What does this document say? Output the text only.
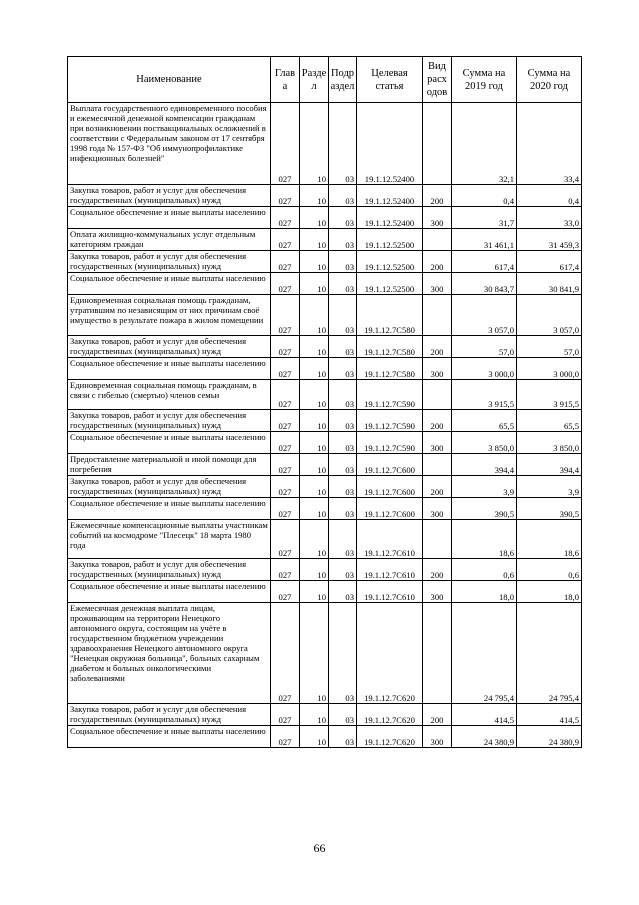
Наименование	Глав а	Разде л	Подр аздел	Целевая статья	Вид расх одов	Сумма на 2019 год	Сумма на 2020 год
Выплата государственного единовременного пособия и ежемесячной денежной компенсации гражданам при возникновении поствакцинальных осложнений в соответствии с Федеральным законом от 17 сентября 1998 года № 157-ФЗ "Об иммунопрофилактике инфекционных болезней"	027	10	03	19.1.12.52400		32,1	33,4
Закупка товаров, работ и услуг для обеспечения государственных (муниципальных) нужд	027	10	03	19.1.12.52400	200	0,4	0,4
Социальное обеспечение и иные выплаты населению	027	10	03	19.1.12.52400	300	31,7	33,0
Оплата жилищно-коммунальных услуг отдельным категориям граждан	027	10	03	19.1.12.52500		31 461,1	31 459,3
Закупка товаров, работ и услуг для обеспечения государственных (муниципальных) нужд	027	10	03	19.1.12.52500	200	617,4	617,4
Социальное обеспечение и иные выплаты населению	027	10	03	19.1.12.52500	300	30 843,7	30 841,9
Единовременная социальная помощь гражданам, утратившим по независящим от них причинам своё имущество в результате пожара в жилом помещении	027	10	03	19.1.12.7C580		3 057,0	3 057,0
Закупка товаров, работ и услуг для обеспечения государственных (муниципальных) нужд	027	10	03	19.1.12.7C580	200	57,0	57,0
Социальное обеспечение и иные выплаты населению	027	10	03	19.1.12.7C580	300	3 000,0	3 000,0
Единовременная социальная помощь гражданам, в связи с гибелью (смертью) членов семьи	027	10	03	19.1.12.7C590		3 915,5	3 915,5
Закупка товаров, работ и услуг для обеспечения государственных (муниципальных) нужд	027	10	03	19.1.12.7C590	200	65,5	65,5
Социальное обеспечение и иные выплаты населению	027	10	03	19.1.12.7C590	300	3 850,0	3 850,0
Предоставление материальной и иной помощи для погребения	027	10	03	19.1.12.7C600		394,4	394,4
Закупка товаров, работ и услуг для обеспечения государственных (муниципальных) нужд	027	10	03	19.1.12.7C600	200	3,9	3,9
Социальное обеспечение и иные выплаты населению	027	10	03	19.1.12.7C600	300	390,5	390,5
Ежемесячные компенсационные выплаты участникам событий на космодроме "Плесецк" 18 марта 1980 года	027	10	03	19.1.12.7C610		18,6	18,6
Закупка товаров, работ и услуг для обеспечения государственных (муниципальных) нужд	027	10	03	19.1.12.7C610	200	0,6	0,6
Социальное обеспечение и иные выплаты населению	027	10	03	19.1.12.7C610	300	18,0	18,0
Ежемесячная денежная выплата лицам, проживающим на территории Ненецкого автономного округа, состоящим на учёте в государственном бюджетном учреждении здравоохранения Ненецкого автономного округа "Ненецкая окружная больница", больных сахарным диабетом и больных онкологическими заболеваниями	027	10	03	19.1.12.7C620		24 795,4	24 795,4
Закупка товаров, работ и услуг для обеспечения государственных (муниципальных) нужд	027	10	03	19.1.12.7C620	200	414,5	414,5
Социальное обеспечение и иные выплаты населению	027	10	03	19.1.12.7C620	300	24 380,9	24 380,9
66
